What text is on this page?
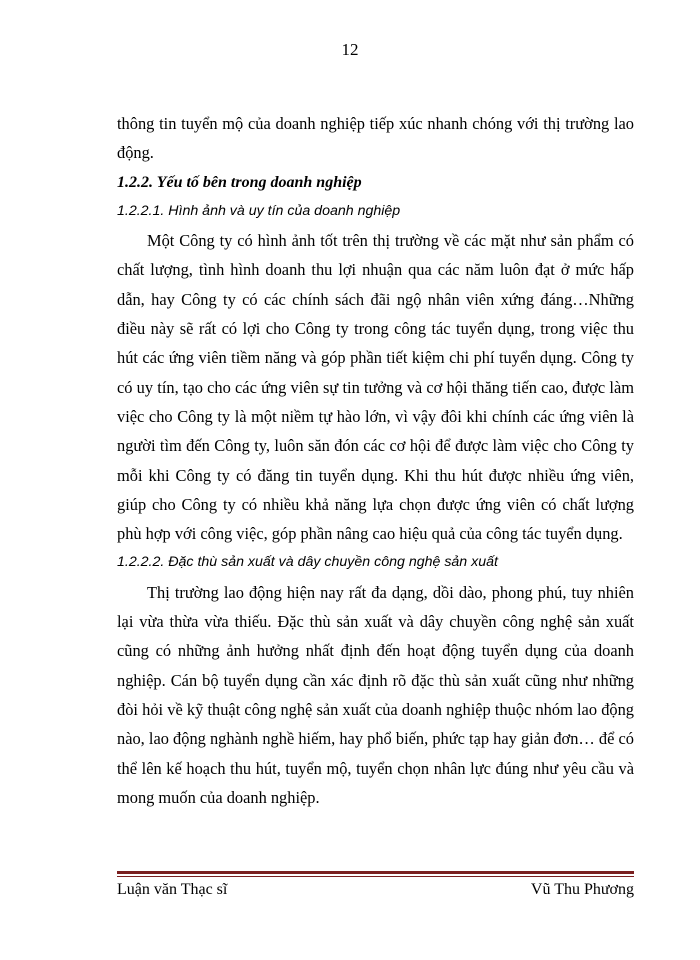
12

thông tin tuyển mộ của doanh nghiệp tiếp xúc nhanh chóng với thị trường lao động.

1.2.2. Yếu tố bên trong doanh nghiệp

1.2.2.1. Hình ảnh và uy tín của doanh nghiệp

Một Công ty có hình ảnh tốt trên thị trường về các mặt như sản phẩm có chất lượng, tình hình doanh thu lợi nhuận qua các năm luôn đạt ở mức hấp dẫn, hay Công ty có các chính sách đãi ngộ nhân viên xứng đáng…Những điều này sẽ rất có lợi cho Công ty trong công tác tuyển dụng, trong việc thu hút các ứng viên tiềm năng và góp phần tiết kiệm chi phí tuyển dụng. Công ty có uy tín, tạo cho các ứng viên sự tin tưởng và cơ hội thăng tiến cao, được làm việc cho Công ty là một niềm tự hào lớn, vì vậy đôi khi chính các ứng viên là người tìm đến Công ty, luôn săn đón các cơ hội để được làm việc cho Công ty mỗi khi Công ty có đăng tin tuyển dụng. Khi thu hút được nhiều ứng viên, giúp cho Công ty có nhiều khả năng lựa chọn được ứng viên có chất lượng phù hợp với công việc, góp phần nâng cao hiệu quả của công tác tuyển dụng.

1.2.2.2. Đặc thù sản xuất và dây chuyền công nghệ sản xuất

Thị trường lao động hiện nay rất đa dạng, dồi dào, phong phú, tuy nhiên lại vừa thừa vừa thiếu. Đặc thù sản xuất và dây chuyền công nghệ sản xuất cũng có những ảnh hưởng nhất định đến hoạt động tuyển dụng của doanh nghiệp. Cán bộ tuyển dụng cần xác định rõ đặc thù sản xuất cũng như những đòi hỏi về kỹ thuật công nghệ sản xuất của doanh nghiệp thuộc nhóm lao động nào, lao động nghành nghề hiếm, hay phổ biến, phức tạp hay giản đơn… để có thể lên kế hoạch thu hút, tuyển mộ, tuyển chọn nhân lực đúng như yêu cầu và mong muốn của doanh nghiệp.

Luận văn Thạc sĩ	Vũ Thu Phương
